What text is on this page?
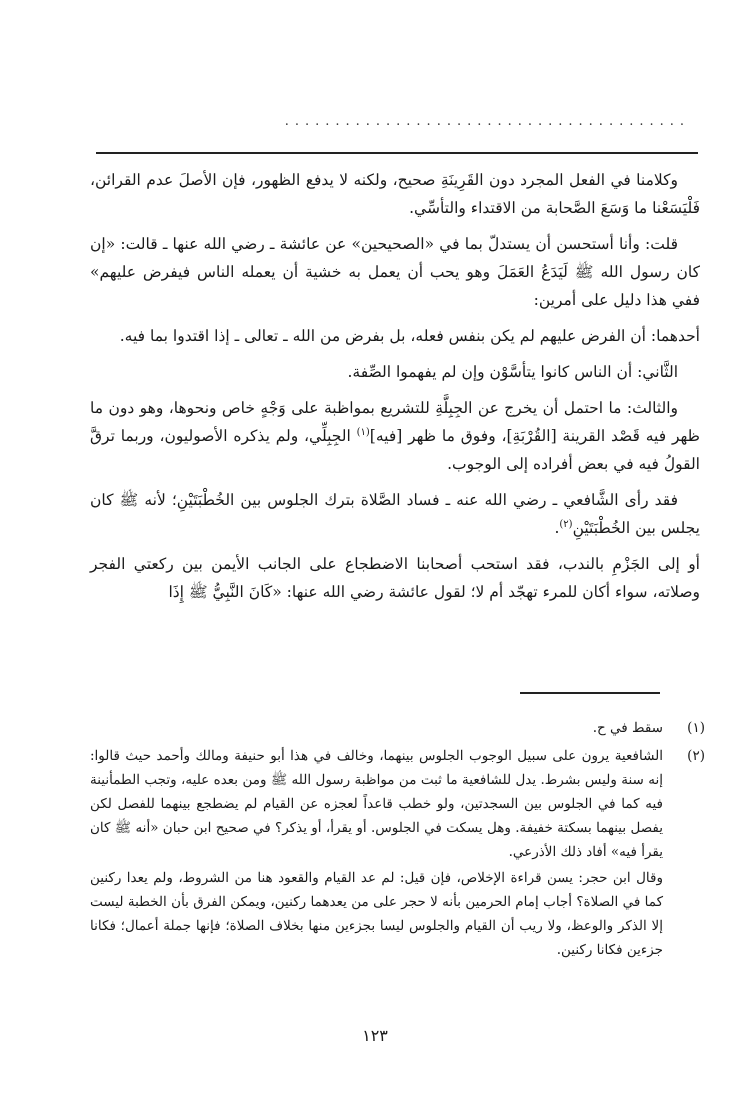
........................................

وكلامنا في الفعل المجرد دون القَرِينَةِ صحيح، ولكنه لا يدفع الظهور، فإن الأصلَ عدم القرائن، فَلْيَسَعْنا ما وَسَعَ الصَّحابة من الاقتداء والتأسِّي.

قلت: وأنا أستحسن أن يستدلّ بما في «الصحيحين» عن عائشة ـ رضي الله عنها ـ قالت: «إن كان رسول الله ﷺ لَيَدَعُ العَمَلَ وهو يحب أن يعمل به خشية أن يعمله الناس فيفرض عليهم» ففي هذا دليل على أمرين:

أحدهما: أن الفرض عليهم لم يكن بنفس فعله، بل بفرض من الله ـ تعالى ـ إذا اقتدوا بما فيه.

الثَّاني: أن الناس كانوا يتأسَّوْن وإن لم يفهموا الصِّفة.

والثالث: ما احتمل أن يخرج عن الجِبِلَّةِ للتشريع بمواظبة على وَجْهٍ خاص ونحوها، وهو دون ما ظهر فيه قَصْد القرينة [القُرْبَةِ]، وفوق ما ظهر [فيه]$^{(١)}$ الجِبِلِّي، ولم يذكره الأصوليون، وربما ترقَّ القولُ فيه في بعض أفراده إلى الوجوب.

فقد رأى الشَّافعي ـ رضي الله عنه ـ فساد الصَّلاة بترك الجلوس بين الخُطْبَتَيْنِ؛ لأنه ﷺ كان يجلس بين الخُطْبَتَيْنِ$^{(٢)}$.

أو إلى الجَزْمِ بالندب، فقد استحب أصحابنا الاضطجاع على الجانب الأيمن بين ركعتي الفجر وصلاته، سواء أكان للمرء تهجّد أم لا؛ لقول عائشة رضي الله عنها: «كَانَ النَّبِيُّ ﷺ إِذَا

(١)

سقط في ح.

(٢)

الشافعية يرون على سبيل الوجوب الجلوس بينهما، وخالف في هذا أبو حنيفة ومالك وأحمد حيث قالوا: إنه سنة وليس بشرط. يدل للشافعية ما ثبت من مواظبة رسول الله ﷺ ومن بعده عليه، وتجب الطمأنينة فيه كما في الجلوس بين السجدتين، ولو خطب قاعداً لعجزه عن القيام لم يضطجع بينهما للفصل لكن يفصل بينهما بسكتة خفيفة. وهل يسكت في الجلوس. أو يقرأ، أو يذكر؟ في صحيح ابن حبان «أنه ﷺ كان يقرأ فيه» أفاد ذلك الأذرعي.

وقال ابن حجر: يسن قراءة الإخلاص، فإن قيل: لم عد القيام والقعود هنا من الشروط، ولم يعدا ركنين كما في الصلاة؟ أجاب إمام الحرمين بأنه لا حجر على من يعدهما ركنين، ويمكن الفرق بأن الخطبة ليست إلا الذكر والوعظ، ولا ريب أن القيام والجلوس ليسا بجزءين منها بخلاف الصلاة؛ فإنها جملة أعمال؛ فكانا جزءين فكانا ركنين.

١٢٣
